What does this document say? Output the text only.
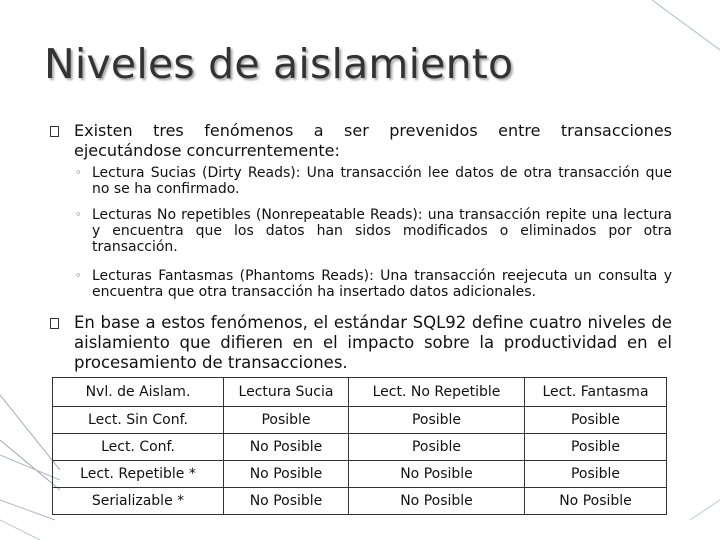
Niveles de aislamiento
Existen tres fenómenos a ser prevenidos entre transacciones ejecutándose concurrentemente:
◦ Lectura Sucias (Dirty Reads): Una transacción lee datos de otra transacción que no se ha confirmado.
◦ Lecturas No repetibles (Nonrepeatable Reads): una transacción repite una lectura y encuentra que los datos han sidos modificados o eliminados por otra transacción.
◦ Lecturas Fantasmas (Phantoms Reads): Una transacción reejecuta un consulta y encuentra que otra transacción ha insertado datos adicionales.
En base a estos fenómenos, el estándar SQL92 define cuatro niveles de aislamiento que difieren en el impacto sobre la productividad en el procesamiento de transacciones.
Nvl. de Aislam.	Lectura Sucia	Lect. No Repetible	Lect. Fantasma
Lect. Sin Conf.	Posible	Posible	Posible
Lect. Conf.	No Posible	Posible	Posible
Lect. Repetible *	No Posible	No Posible	Posible
Serializable *	No Posible	No Posible	No Posible
